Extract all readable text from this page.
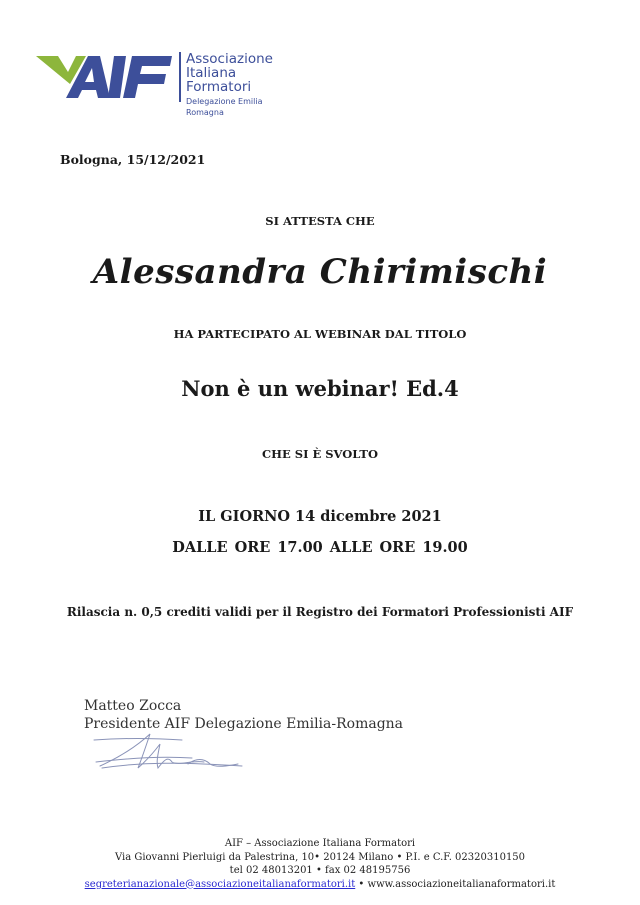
Associazione
Italiana
Formatori
Delegazione Emilia Romagna
Bologna, 15/12/2021
SI ATTESTA CHE
Alessandra Chirimischi
HA PARTECIPATO AL WEBINAR DAL TITOLO
Non è un webinar! Ed.4
CHE SI È SVOLTO
IL GIORNO 14 dicembre 2021
DALLE ORE 17.00 ALLE ORE 19.00
Rilascia n. 0,5 crediti validi per il Registro dei Formatori Professionisti AIF
Matteo Zocca
Presidente AIF Delegazione Emilia-Romagna
AIF – Associazione Italiana Formatori
Via Giovanni Pierluigi da Palestrina, 10• 20124 Milano • P.I. e C.F. 02320310150
tel 02 48013201 • fax 02 48195756
segreterianazionale@associazioneitalianaformatori.it • www.associazioneitalianaformatori.it
